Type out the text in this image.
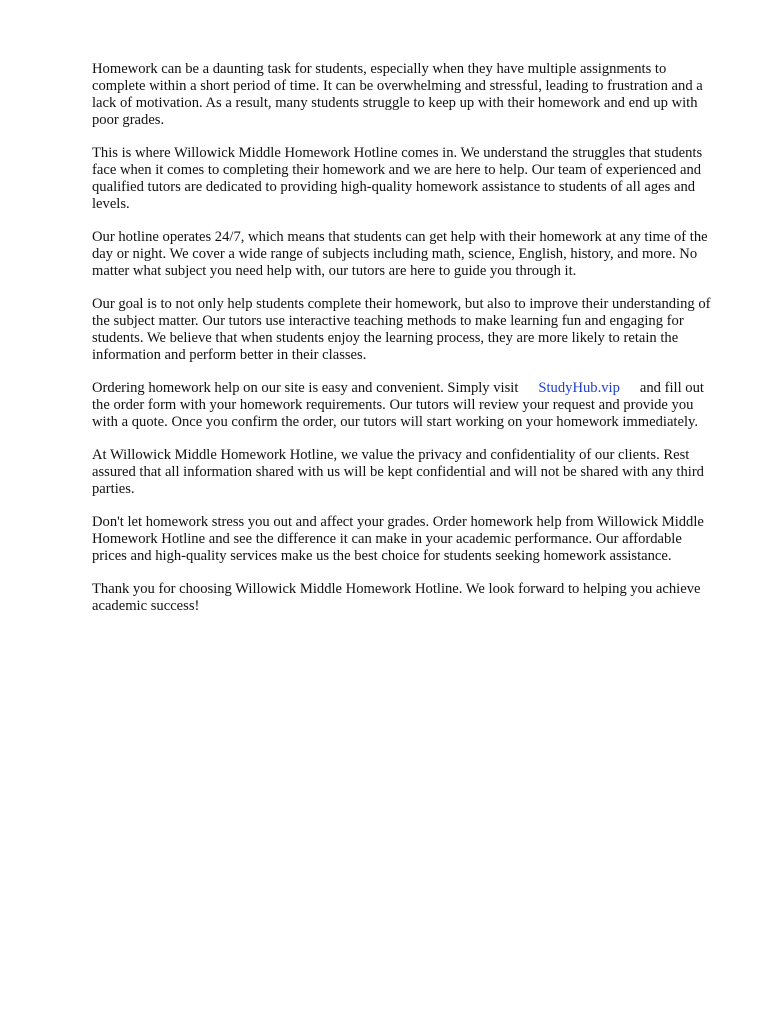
Homework can be a daunting task for students, especially when they have multiple assignments to complete within a short period of time. It can be overwhelming and stressful, leading to frustration and a lack of motivation. As a result, many students struggle to keep up with their homework and end up with poor grades.

This is where Willowick Middle Homework Hotline comes in. We understand the struggles that students face when it comes to completing their homework and we are here to help. Our team of experienced and qualified tutors are dedicated to providing high-quality homework assistance to students of all ages and levels.

Our hotline operates 24/7, which means that students can get help with their homework at any time of the day or night. We cover a wide range of subjects including math, science, English, history, and more. No matter what subject you need help with, our tutors are here to guide you through it.

Our goal is to not only help students complete their homework, but also to improve their understanding of the subject matter. Our tutors use interactive teaching methods to make learning fun and engaging for students. We believe that when students enjoy the learning process, they are more likely to retain the information and perform better in their classes.

Ordering homework help on our site is easy and convenient. Simply visit StudyHub.vip and fill out the order form with your homework requirements. Our tutors will review your request and provide you with a quote. Once you confirm the order, our tutors will start working on your homework immediately.

At Willowick Middle Homework Hotline, we value the privacy and confidentiality of our clients. Rest assured that all information shared with us will be kept confidential and will not be shared with any third parties.

Don't let homework stress you out and affect your grades. Order homework help from Willowick Middle Homework Hotline and see the difference it can make in your academic performance. Our affordable prices and high-quality services make us the best choice for students seeking homework assistance.

Thank you for choosing Willowick Middle Homework Hotline. We look forward to helping you achieve academic success!
